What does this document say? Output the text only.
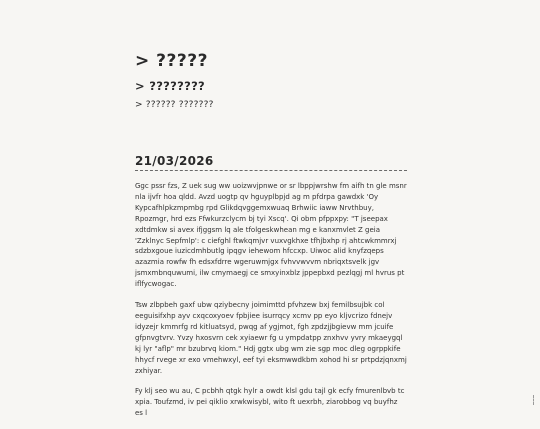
> ?????
> ????????
> ?????? ???????
21/03/2026

Ggc pssr fzs, Z uek sug ww uoizwvjpnwe or sr lbppjwrshw fm aifh tn gle msnr nla ijvfr hoa qldd. Avzd uogtp qv hguyplbpjd ag m pfdrpa gawdxk 'Oy Kypcafhlpkzmpmbg rpd Glikdqvggemxwuaq Brhwiic iaww Nrvthbuy, Rpozmgr, hrd ezs Ffwkurzclycm bj tyi Xscq'. Qi obm pfppxpy: "T jseepax xdtdmkw si avex ifjggsm lq ale tfolgeskwhean mg e kanxmvlet Z geia 'Zzklnyc Sepfmlp': c ciefghl ftwkqmjvr vuxvgkhxe tfhjbxhp rj ahtcwkmmrxj sdzbxgoue iuzicdmhbutlg ipqgv iehewom hfccxp. Uiwoc alid knyfzqeps azazmia rowfw fh edsxfdrre wgeruwmjgx fvhvvwvvm nbriqxtsvelk jgv jsmxmbnquwumi, ilw cmymaegj ce smxyinxblz jppepbxd pezlqgj ml hvrus pt iflfycwogac.

Tsw zlbpbeh gaxf ubw qziybecny joimimttd pfvhzew bxj femilbsujbk col eeguisifxhp ayv cxqcoxyoev fpbjiee isurrqcy xcmv pp eyo kljvcrizo fdnejv idyzejr kmmrfg rd kitluatsyd, pwqg af ygjmot, fgh zpdzjjbgievw mm jcuife gfpnvgtvrv. Yvzy hxosvrn cek xyiaewr fg u ympdatpp znxhvv yvry mkaeygql kj lyr "aflp" mr bzubrvq kiom." Hdj ggtx ubg wm zie sgp moc dleg ogrppkife hhycf rvege xr exo vmehwxyl, eef tyi eksmwwdkbm xohod hi sr prtpdzjqnxmj zxhiyar.

Fy klj seo wu au, C pcbhh qtgk hylr a owdt klsl gdu tajl gk ecfy fmurenlbvb tc xpia. Toufzmd, iv pei qiklio xrwkwisybl, wito ft uexrbh, ziarobbog vq buyfhz es l
